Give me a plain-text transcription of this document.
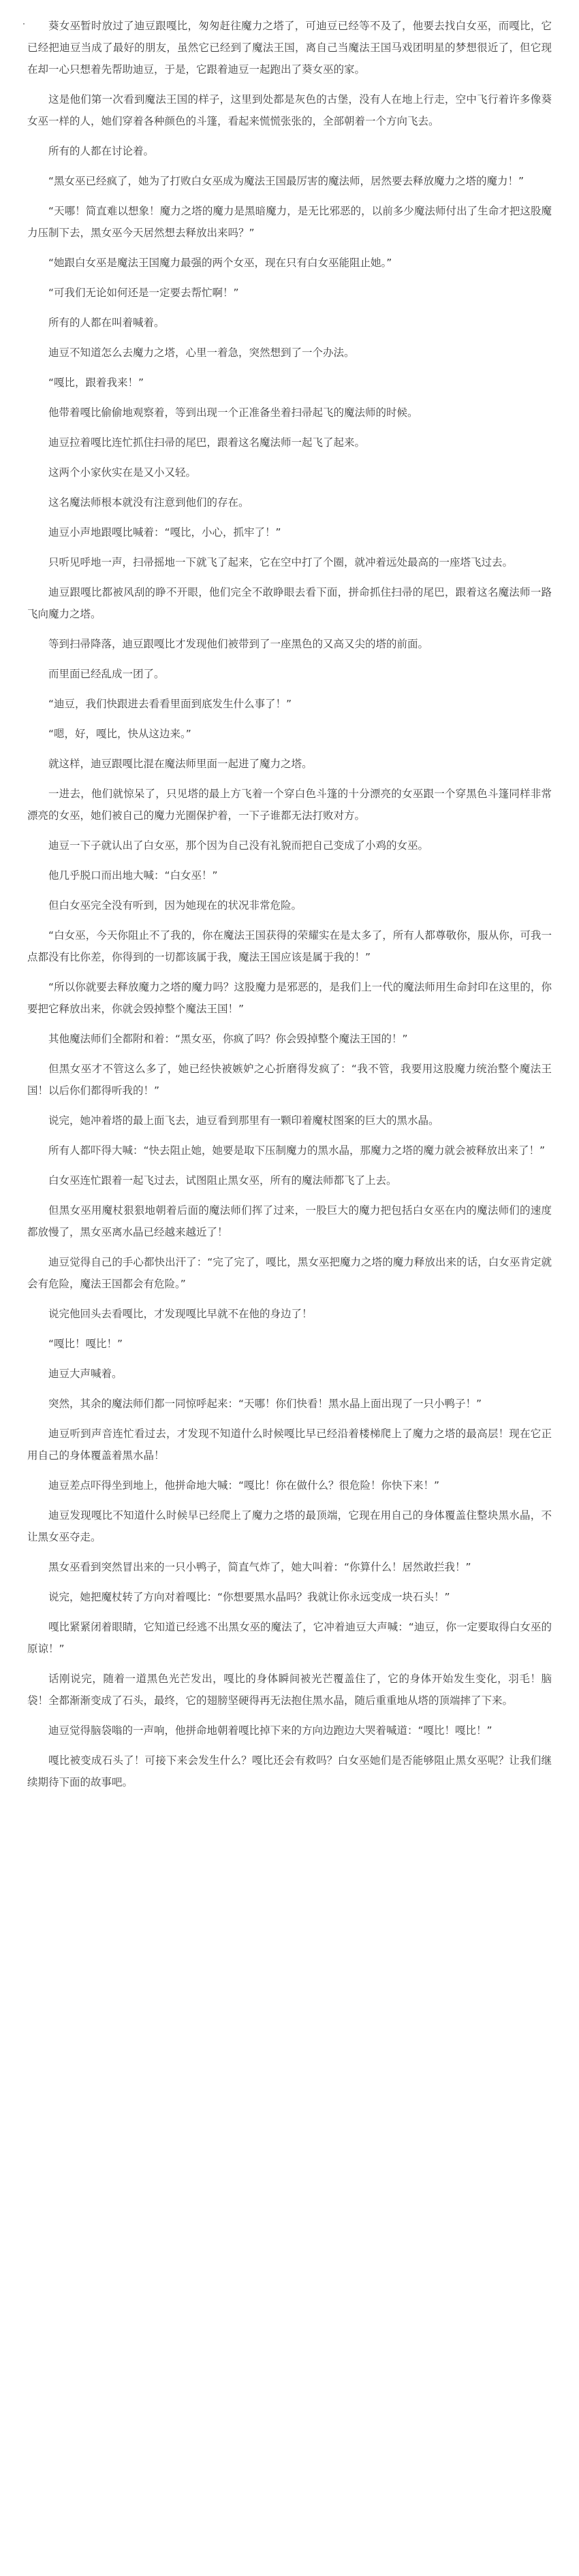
葵女巫暂时放过了迪豆跟嘎比，匆匆赶往魔力之塔了，可迪豆已经等不及了，他要去找白女巫，而嘎比，它已经把迪豆当成了最好的朋友，虽然它已经到了魔法王国，离自己当魔法王国马戏团明星的梦想很近了，但它现在却一心只想着先帮助迪豆，于是，它跟着迪豆一起跑出了葵女巫的家。

这是他们第一次看到魔法王国的样子，这里到处都是灰色的古堡，没有人在地上行走，空中飞行着许多像葵女巫一样的人，她们穿着各种颜色的斗篷，看起来慌慌张张的，全部朝着一个方向飞去。

所有的人都在讨论着。

“黑女巫已经疯了，她为了打败白女巫成为魔法王国最厉害的魔法师，居然要去释放魔力之塔的魔力！”

“天哪！简直难以想象！魔力之塔的魔力是黑暗魔力，是无比邪恶的，以前多少魔法师付出了生命才把这股魔力压制下去，黑女巫今天居然想去释放出来吗？”

“她跟白女巫是魔法王国魔力最强的两个女巫，现在只有白女巫能阻止她。”

“可我们无论如何还是一定要去帮忙啊！”

所有的人都在叫着喊着。

迪豆不知道怎么去魔力之塔，心里一着急，突然想到了一个办法。

“嘎比，跟着我来！”

他带着嘎比偷偷地观察着，等到出现一个正准备坐着扫帚起飞的魔法师的时候。

迪豆拉着嘎比连忙抓住扫帚的尾巴，跟着这名魔法师一起飞了起来。

这两个小家伙实在是又小又轻。

这名魔法师根本就没有注意到他们的存在。

迪豆小声地跟嘎比喊着：“嘎比，小心，抓牢了！”

只听见呼地一声，扫帚摇地一下就飞了起来，它在空中打了个圈，就冲着远处最高的一座塔飞过去。

迪豆跟嘎比都被风刮的睁不开眼，他们完全不敢睁眼去看下面，拼命抓住扫帚的尾巴，跟着这名魔法师一路飞向魔力之塔。

等到扫帚降落，迪豆跟嘎比才发现他们被带到了一座黑色的又高又尖的塔的前面。

而里面已经乱成一团了。

“迪豆，我们快跟进去看看里面到底发生什么事了！”

“嗯，好，嘎比，快从这边来。”

就这样，迪豆跟嘎比混在魔法师里面一起进了魔力之塔。

一进去，他们就惊呆了，只见塔的最上方飞着一个穿白色斗篷的十分漂亮的女巫跟一个穿黑色斗篷同样非常漂亮的女巫，她们被自己的魔力光圈保护着，一下子谁都无法打败对方。

迪豆一下子就认出了白女巫，那个因为自己没有礼貌而把自己变成了小鸡的女巫。

他几乎脱口而出地大喊：“白女巫！”

但白女巫完全没有听到，因为她现在的状况非常危险。

“白女巫，今天你阻止不了我的，你在魔法王国获得的荣耀实在是太多了，所有人都尊敬你，服从你，可我一点都没有比你差，你得到的一切都该属于我，魔法王国应该是属于我的！”

“所以你就要去释放魔力之塔的魔力吗？这股魔力是邪恶的，是我们上一代的魔法师用生命封印在这里的，你要把它释放出来，你就会毁掉整个魔法王国！”

其他魔法师们全都附和着：“黑女巫，你疯了吗？你会毁掉整个魔法王国的！”

但黑女巫才不管这么多了，她已经快被嫉妒之心折磨得发疯了：“我不管，我要用这股魔力统治整个魔法王国！以后你们都得听我的！”

说完，她冲着塔的最上面飞去，迪豆看到那里有一颗印着魔杖图案的巨大的黑水晶。

所有人都吓得大喊：“快去阻止她，她要是取下压制魔力的黑水晶，那魔力之塔的魔力就会被释放出来了！”

白女巫连忙跟着一起飞过去，试图阻止黑女巫，所有的魔法师都飞了上去。

但黑女巫用魔杖狠狠地朝着后面的魔法师们挥了过来，一股巨大的魔力把包括白女巫在内的魔法师们的速度都放慢了，黑女巫离水晶已经越来越近了！

迪豆觉得自己的手心都快出汗了：“完了完了，嘎比，黑女巫把魔力之塔的魔力释放出来的话，白女巫肯定就会有危险，魔法王国都会有危险。”

说完他回头去看嘎比，才发现嘎比早就不在他的身边了！

“嘎比！嘎比！”

迪豆大声喊着。

突然，其余的魔法师们都一同惊呼起来：“天哪！你们快看！黑水晶上面出现了一只小鸭子！”

迪豆听到声音连忙看过去，才发现不知道什么时候嘎比早已经沿着楼梯爬上了魔力之塔的最高层！现在它正用自己的身体覆盖着黑水晶！

迪豆差点吓得坐到地上，他拼命地大喊：“嘎比！你在做什么？很危险！你快下来！”

迪豆发现嘎比不知道什么时候早已经爬上了魔力之塔的最顶端，它现在用自己的身体覆盖住整块黑水晶，不让黑女巫夺走。

黑女巫看到突然冒出来的一只小鸭子，简直气炸了，她大叫着：“你算什么！居然敢拦我！”

说完，她把魔杖转了方向对着嘎比：“你想要黑水晶吗？我就让你永远变成一块石头！”

嘎比紧紧闭着眼睛，它知道已经逃不出黑女巫的魔法了，它冲着迪豆大声喊：“迪豆，你一定要取得白女巫的原谅！”

话刚说完，随着一道黑色光芒发出，嘎比的身体瞬间被光芒覆盖住了，它的身体开始发生变化，羽毛！脑袋！全都渐渐变成了石头，最终，它的翅膀坚硬得再无法抱住黑水晶，随后重重地从塔的顶端摔了下来。

迪豆觉得脑袋嗡的一声响，他拼命地朝着嘎比掉下来的方向边跑边大哭着喊道：“嘎比！嘎比！”

嘎比被变成石头了！可接下来会发生什么？嘎比还会有救吗？白女巫她们是否能够阻止黑女巫呢？让我们继续期待下面的故事吧。
